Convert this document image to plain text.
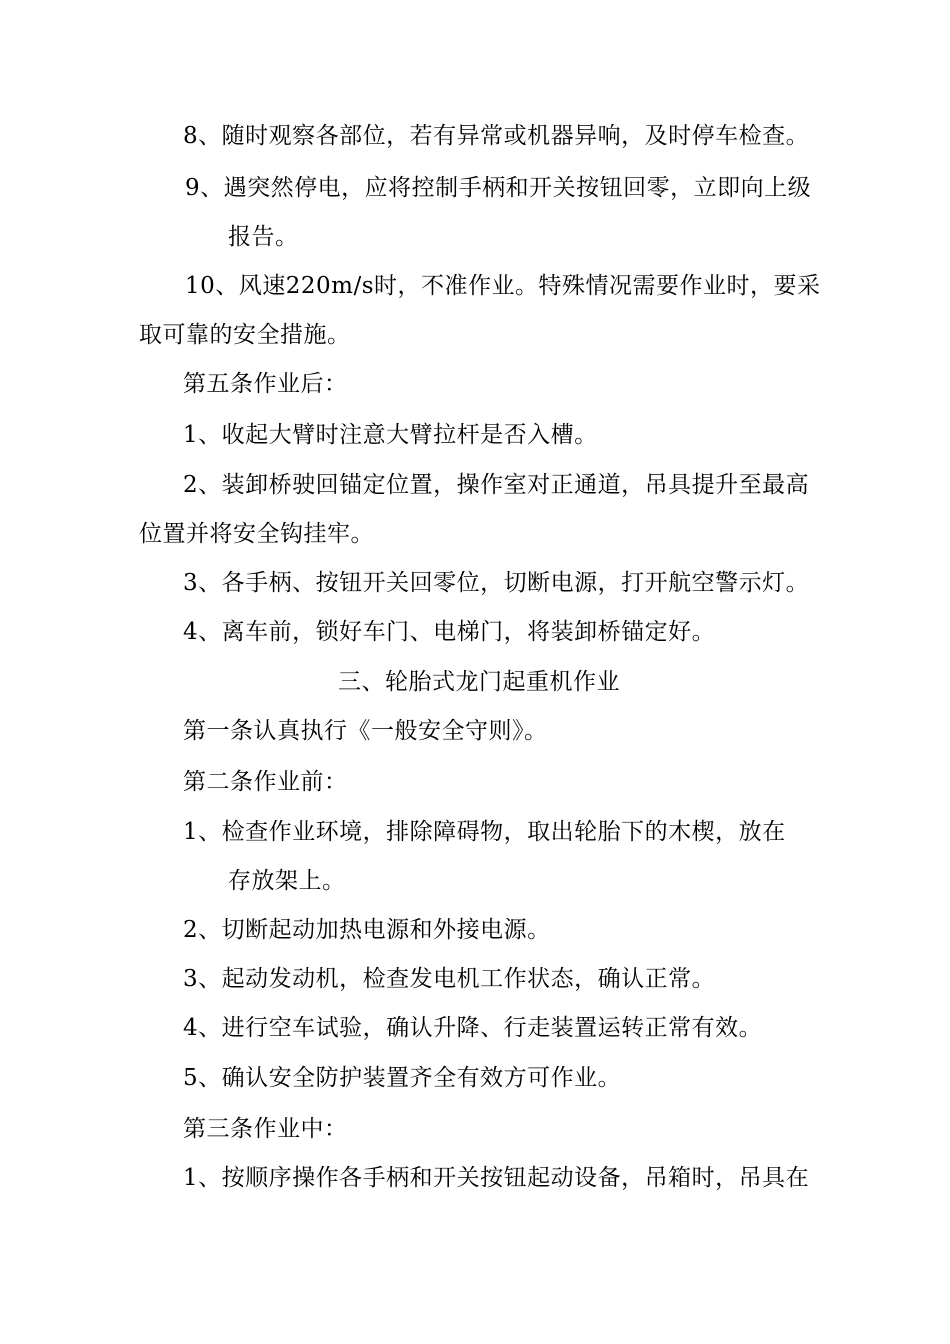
8、随时观察各部位，若有异常或机器异响，及时停车检查。
9、遇突然停电，应将控制手柄和开关按钮回零，立即向上级
报告。
10、风速220m/s时，不准作业。特殊情况需要作业时，要采
取可靠的安全措施。
第五条作业后：
1、收起大臂时注意大臂拉杆是否入槽。
2、装卸桥驶回锚定位置，操作室对正通道，吊具提升至最高
位置并将安全钩挂牢。
3、各手柄、按钮开关回零位，切断电源，打开航空警示灯。
4、离车前，锁好车门、电梯门，将装卸桥锚定好。
三、轮胎式龙门起重机作业
第一条认真执行《一般安全守则》。
第二条作业前：
1、检查作业环境，排除障碍物，取出轮胎下的木楔，放在
存放架上。
2、切断起动加热电源和外接电源。
3、起动发动机，检查发电机工作状态，确认正常。
4、进行空车试验，确认升降、行走装置运转正常有效。
5、确认安全防护装置齐全有效方可作业。
第三条作业中：
1、按顺序操作各手柄和开关按钮起动设备，吊箱时，吊具在
